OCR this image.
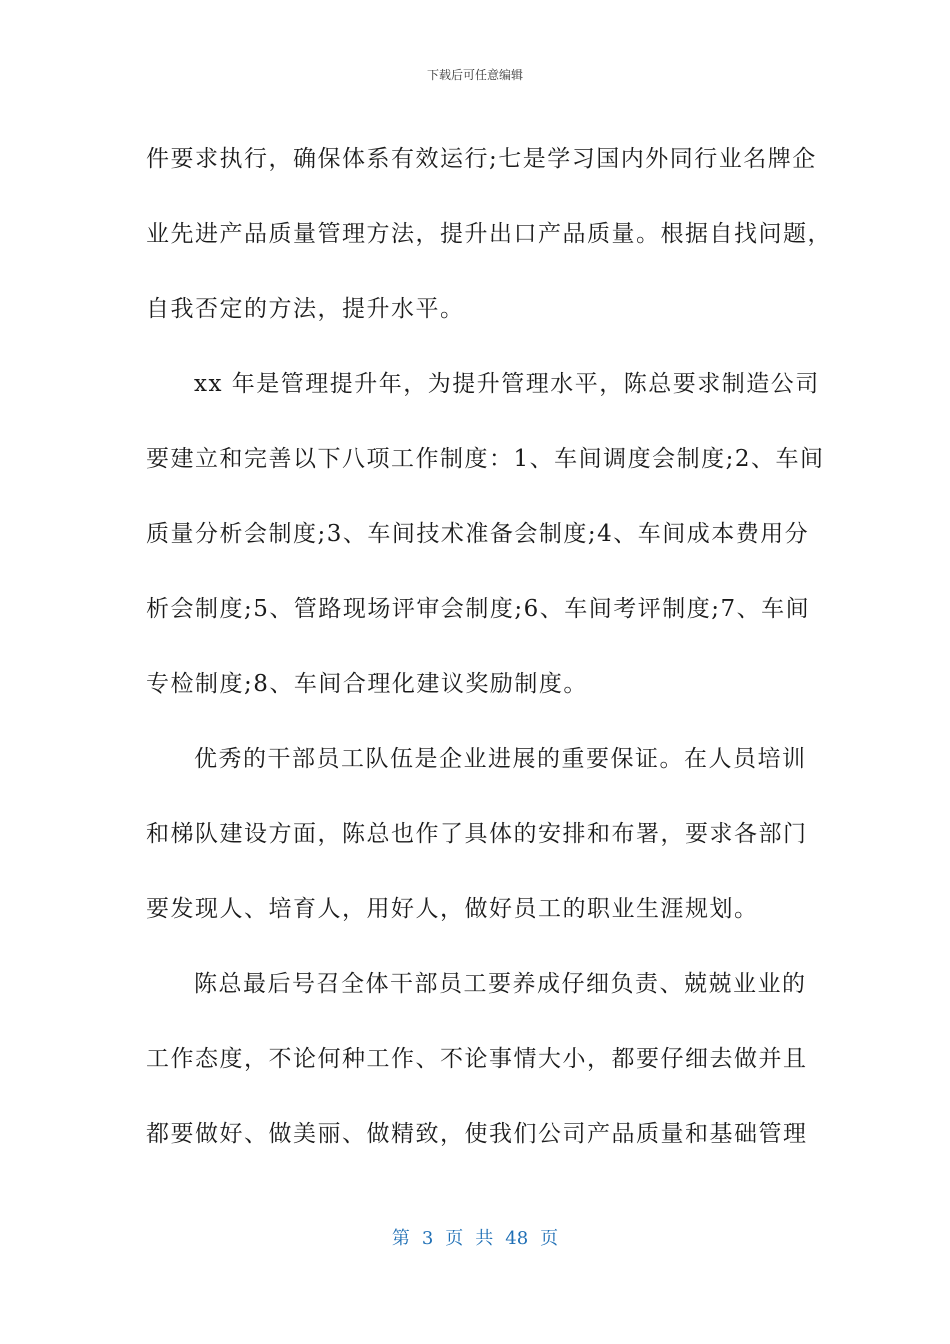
下载后可任意编辑
件要求执行，确保体系有效运行;七是学习国内外同行业名牌企
业先进产品质量管理方法，提升出口产品质量。根据自找问题，
自我否定的方法，提升水平。
xx 年是管理提升年，为提升管理水平，陈总要求制造公司
要建立和完善以下八项工作制度：1、车间调度会制度;2、车间
质量分析会制度;3、车间技术准备会制度;4、车间成本费用分
析会制度;5、管路现场评审会制度;6、车间考评制度;7、车间
专检制度;8、车间合理化建议奖励制度。
优秀的干部员工队伍是企业进展的重要保证。在人员培训
和梯队建设方面，陈总也作了具体的安排和布署，要求各部门
要发现人、培育人，用好人，做好员工的职业生涯规划。
陈总最后号召全体干部员工要养成仔细负责、兢兢业业的
工作态度，不论何种工作、不论事情大小，都要仔细去做并且
都要做好、做美丽、做精致，使我们公司产品质量和基础管理
第 3 页 共 48 页
